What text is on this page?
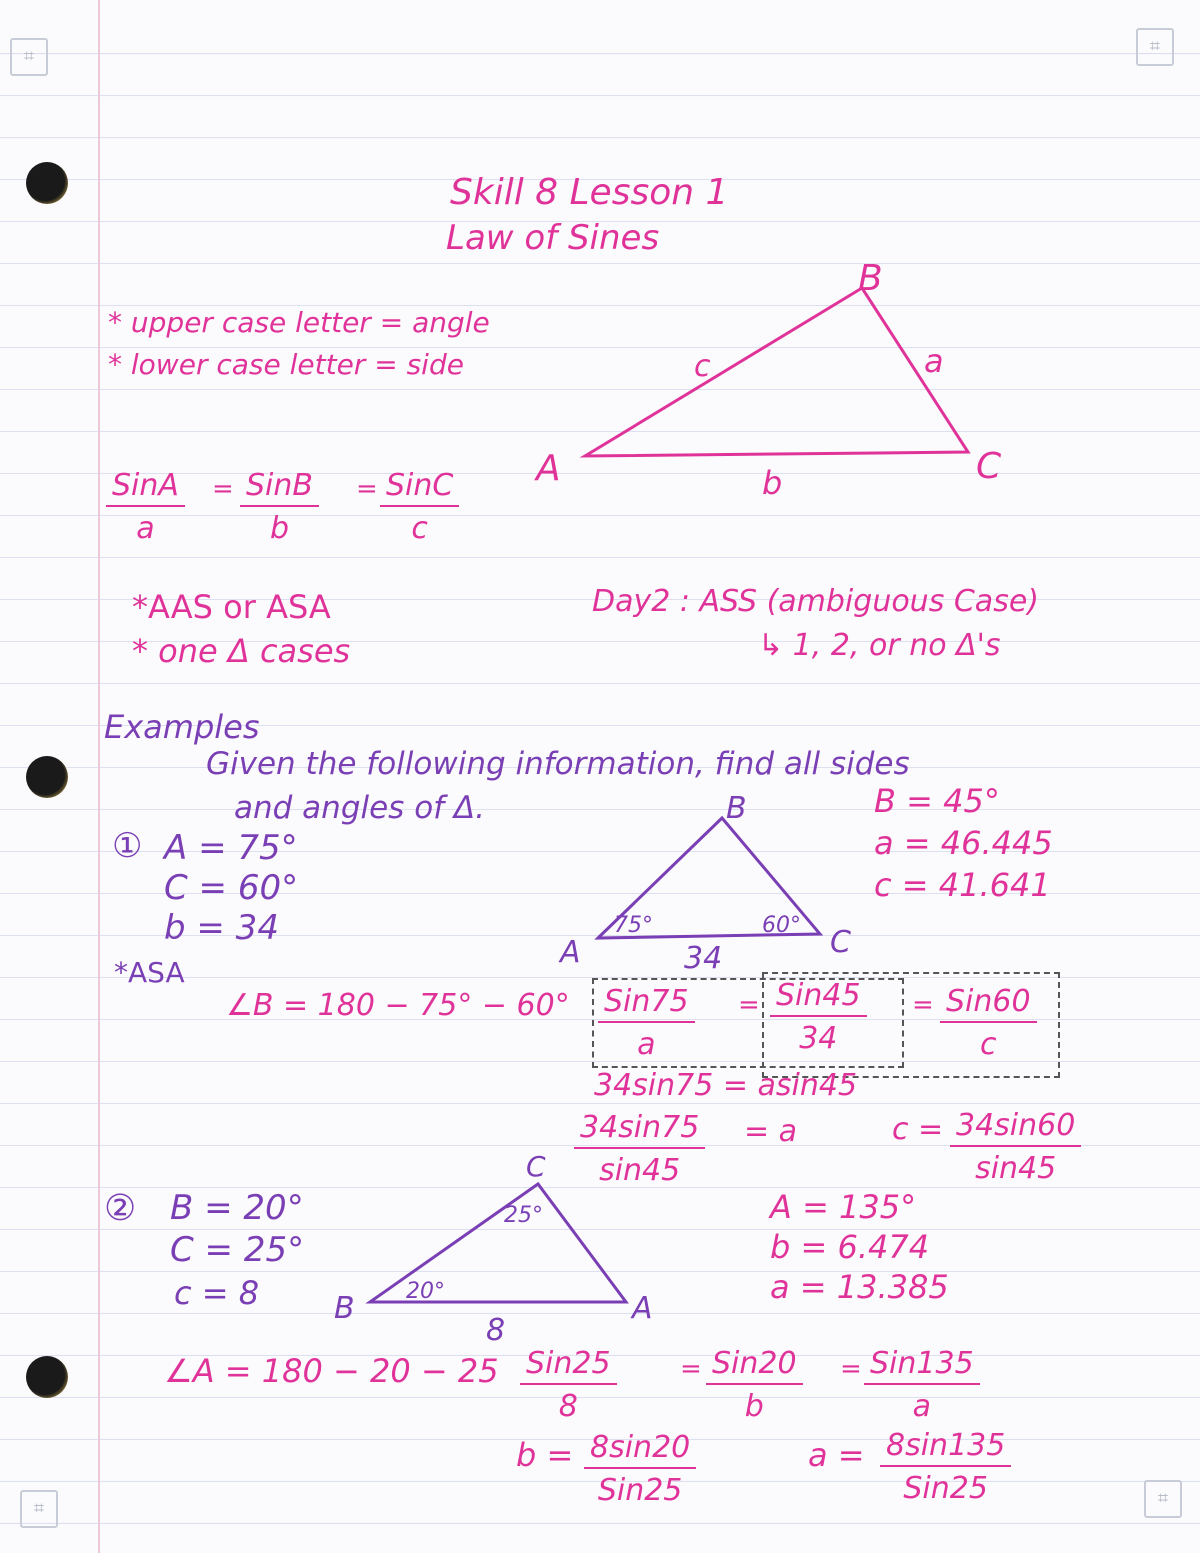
⌗	⌗
⌗	⌗
Skill 8 Lesson 1
Law of Sines
* upper case letter = angle
* lower case letter = side
A
B
C
a
b
c
A
B
C
75°	60°
34
B
C
A
20°
25°
8
SinA
a
= SinB
b
= SinC
c
*AAS or ASA
* one Δ cases
Day2 : ASS (ambiguous Case)
↳ 1, 2, or no Δ's
Examples
Given the following information, find all sides
and angles of Δ.
① A = 75°
C = 60°
b = 34
*ASA
∠B = 180 − 75° − 60°
B = 45°
a = 46.445
c = 41.641
Sin75
a
= Sin45
34
= Sin60
c
34sin75 = asin45
$\frac{34\sin 75}{\sin 45} = a$	$c = \frac{34\sin 60}{\sin 45}$
② B = 20°
C = 25°
c = 8
A = 135°
b = 6.474
a = 13.385
∠A = 180 − 20 − 25 Sin25
8
= Sin20
b
= Sin135
a
b = 8sin20
Sin25
a = 8sin135
Sin25
